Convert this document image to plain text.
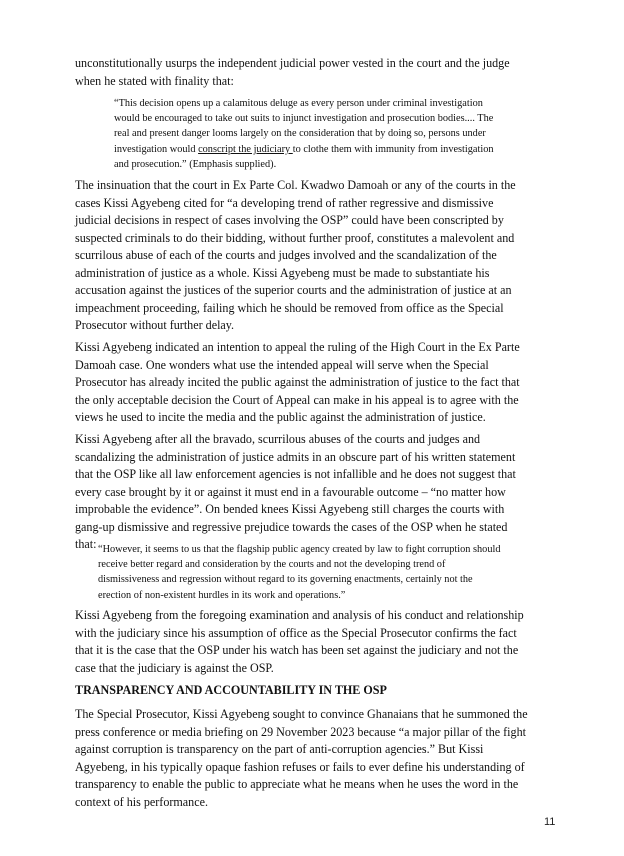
unconstitutionally usurps the independent judicial power vested in the court and the judge
when he stated with finality that:
“This decision opens up a calamitous deluge as every person under criminal investigation
would be encouraged to take out suits to injunct investigation and prosecution bodies.... The
real and present danger looms largely on the consideration that by doing so, persons under
investigation would conscript the judiciary to clothe them with immunity from investigation
and prosecution.” (Emphasis supplied).
The insinuation that the court in Ex Parte Col. Kwadwo Damoah or any of the courts in the
cases Kissi Agyebeng cited for “a developing trend of rather regressive and dismissive
judicial decisions in respect of cases involving the OSP” could have been conscripted by
suspected criminals to do their bidding, without further proof, constitutes a malevolent and
scurrilous abuse of each of the courts and judges involved and the scandalization of the
administration of justice as a whole. Kissi Agyebeng must be made to substantiate his
accusation against the justices of the superior courts and the administration of justice at an
impeachment proceeding, failing which he should be removed from office as the Special
Prosecutor without further delay.
Kissi Agyebeng indicated an intention to appeal the ruling of the High Court in the Ex Parte
Damoah case. One wonders what use the intended appeal will serve when the Special
Prosecutor has already incited the public against the administration of justice to the fact that
the only acceptable decision the Court of Appeal can make in his appeal is to agree with the
views he used to incite the media and the public against the administration of justice.
Kissi Agyebeng after all the bravado, scurrilous abuses of the courts and judges and
scandalizing the administration of justice admits in an obscure part of his written statement
that the OSP like all law enforcement agencies is not infallible and he does not suggest that
every case brought by it or against it must end in a favourable outcome – “no matter how
improbable the evidence”. On bended knees Kissi Agyebeng still charges the courts with
gang-up dismissive and regressive prejudice towards the cases of the OSP when he stated
that: “However, it seems to us that the flagship public agency created by law to fight corruption should
receive better regard and consideration by the courts and not the developing trend of
dismissiveness and regression without regard to its governing enactments, certainly not the
erection of non-existent hurdles in its work and operations.”
Kissi Agyebeng from the foregoing examination and analysis of his conduct and relationship
with the judiciary since his assumption of office as the Special Prosecutor confirms the fact
that it is the case that the OSP under his watch has been set against the judiciary and not the
case that the judiciary is against the OSP.
TRANSPARENCY AND ACCOUNTABILITY IN THE OSP
The Special Prosecutor, Kissi Agyebeng sought to convince Ghanaians that he summoned the
press conference or media briefing on 29 November 2023 because “a major pillar of the fight
against corruption is transparency on the part of anti-corruption agencies.” But Kissi
Agyebeng, in his typically opaque fashion refuses or fails to ever define his understanding of
transparency to enable the public to appreciate what he means when he uses the word in the
context of his performance.
11
